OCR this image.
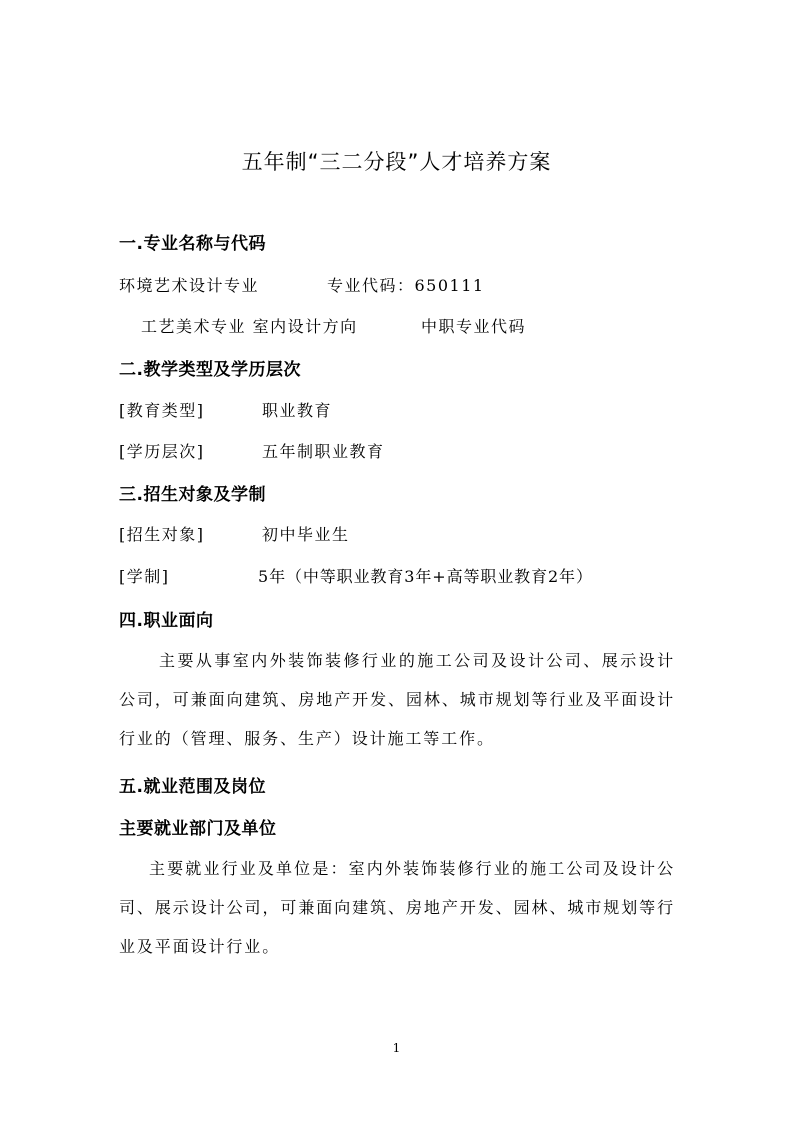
五年制“三二分段”人才培养方案
一.专业名称与代码
环境艺术设计专业	专业代码：650111
工艺美术专业 室内设计方向	中职专业代码
二.教学类型及学历层次
[教育类型]	职业教育
[学历层次]	五年制职业教育
三.招生对象及学制
[招生对象]	初中毕业生
[学制]	5年（中等职业教育3年+高等职业教育2年）
四.职业面向
主要从事室内外装饰装修行业的施工公司及设计公司、展示设计公司，可兼面向建筑、房地产开发、园林、城市规划等行业及平面设计行业的（管理、服务、生产）设计施工等工作。
五.就业范围及岗位
主要就业部门及单位
主要就业行业及单位是：室内外装饰装修行业的施工公司及设计公司、展示设计公司，可兼面向建筑、房地产开发、园林、城市规划等行业及平面设计行业。
1
